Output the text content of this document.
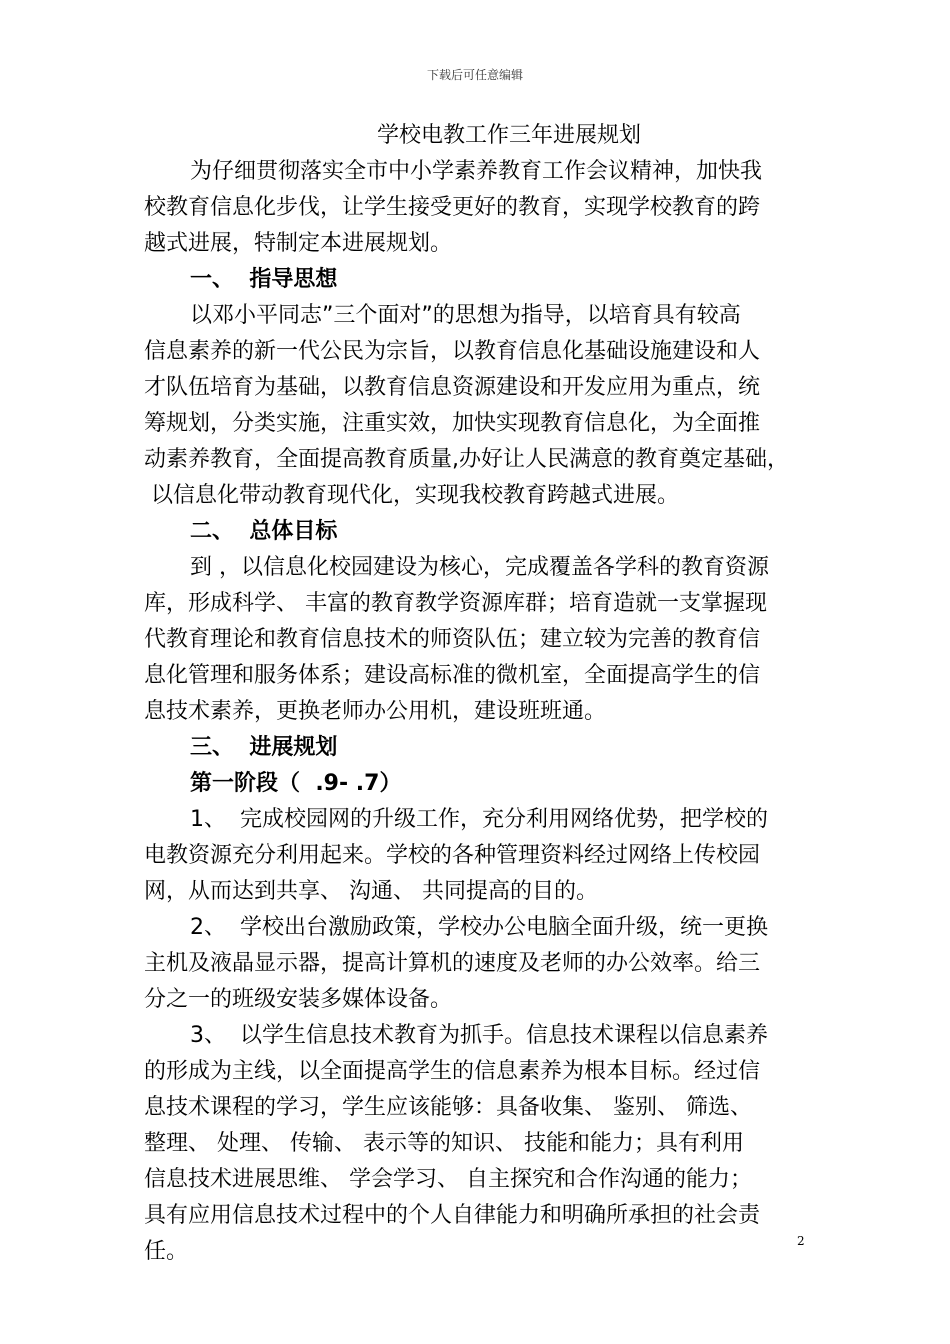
下载后可任意编辑
学校电教工作三年进展规划
为仔细贯彻落实全市中小学素养教育工作会议精神，加快我
校教育信息化步伐，让学生接受更好的教育，实现学校教育的跨
越式进展，特制定本进展规划。
一、  指导思想
以邓小平同志”三个面对”的思想为指导，以培育具有较高
信息素养的新一代公民为宗旨，以教育信息化基础设施建设和人
才队伍培育为基础，以教育信息资源建设和开发应用为重点，统
筹规划，分类实施，注重实效，加快实现教育信息化，为全面推
动素养教育，全面提高教育质量,办好让人民满意的教育奠定基础，
以信息化带动教育现代化，实现我校教育跨越式进展。
二、  总体目标
到 ，以信息化校园建设为核心，完成覆盖各学科的教育资源
库，形成科学、 丰富的教育教学资源库群；培育造就一支掌握现
代教育理论和教育信息技术的师资队伍；建立较为完善的教育信
息化管理和服务体系；建设高标准的微机室，全面提高学生的信
息技术素养，更换老师办公用机，建设班班通。
三、  进展规划
第一阶段（  .9- .7）
1、  完成校园网的升级工作，充分利用网络优势，把学校的
电教资源充分利用起来。学校的各种管理资料经过网络上传校园
网，从而达到共享、 沟通、 共同提高的目的。
2、  学校出台激励政策，学校办公电脑全面升级，统一更换
主机及液晶显示器，提高计算机的速度及老师的办公效率。给三
分之一的班级安装多媒体设备。
3、  以学生信息技术教育为抓手。信息技术课程以信息素养
的形成为主线，以全面提高学生的信息素养为根本目标。经过信
息技术课程的学习，学生应该能够：具备收集、 鉴别、 筛选、
整理、 处理、 传输、 表示等的知识、 技能和能力；具有利用
信息技术进展思维、 学会学习、 自主探究和合作沟通的能力；
具有应用信息技术过程中的个人自律能力和明确所承担的社会责
任。	2
